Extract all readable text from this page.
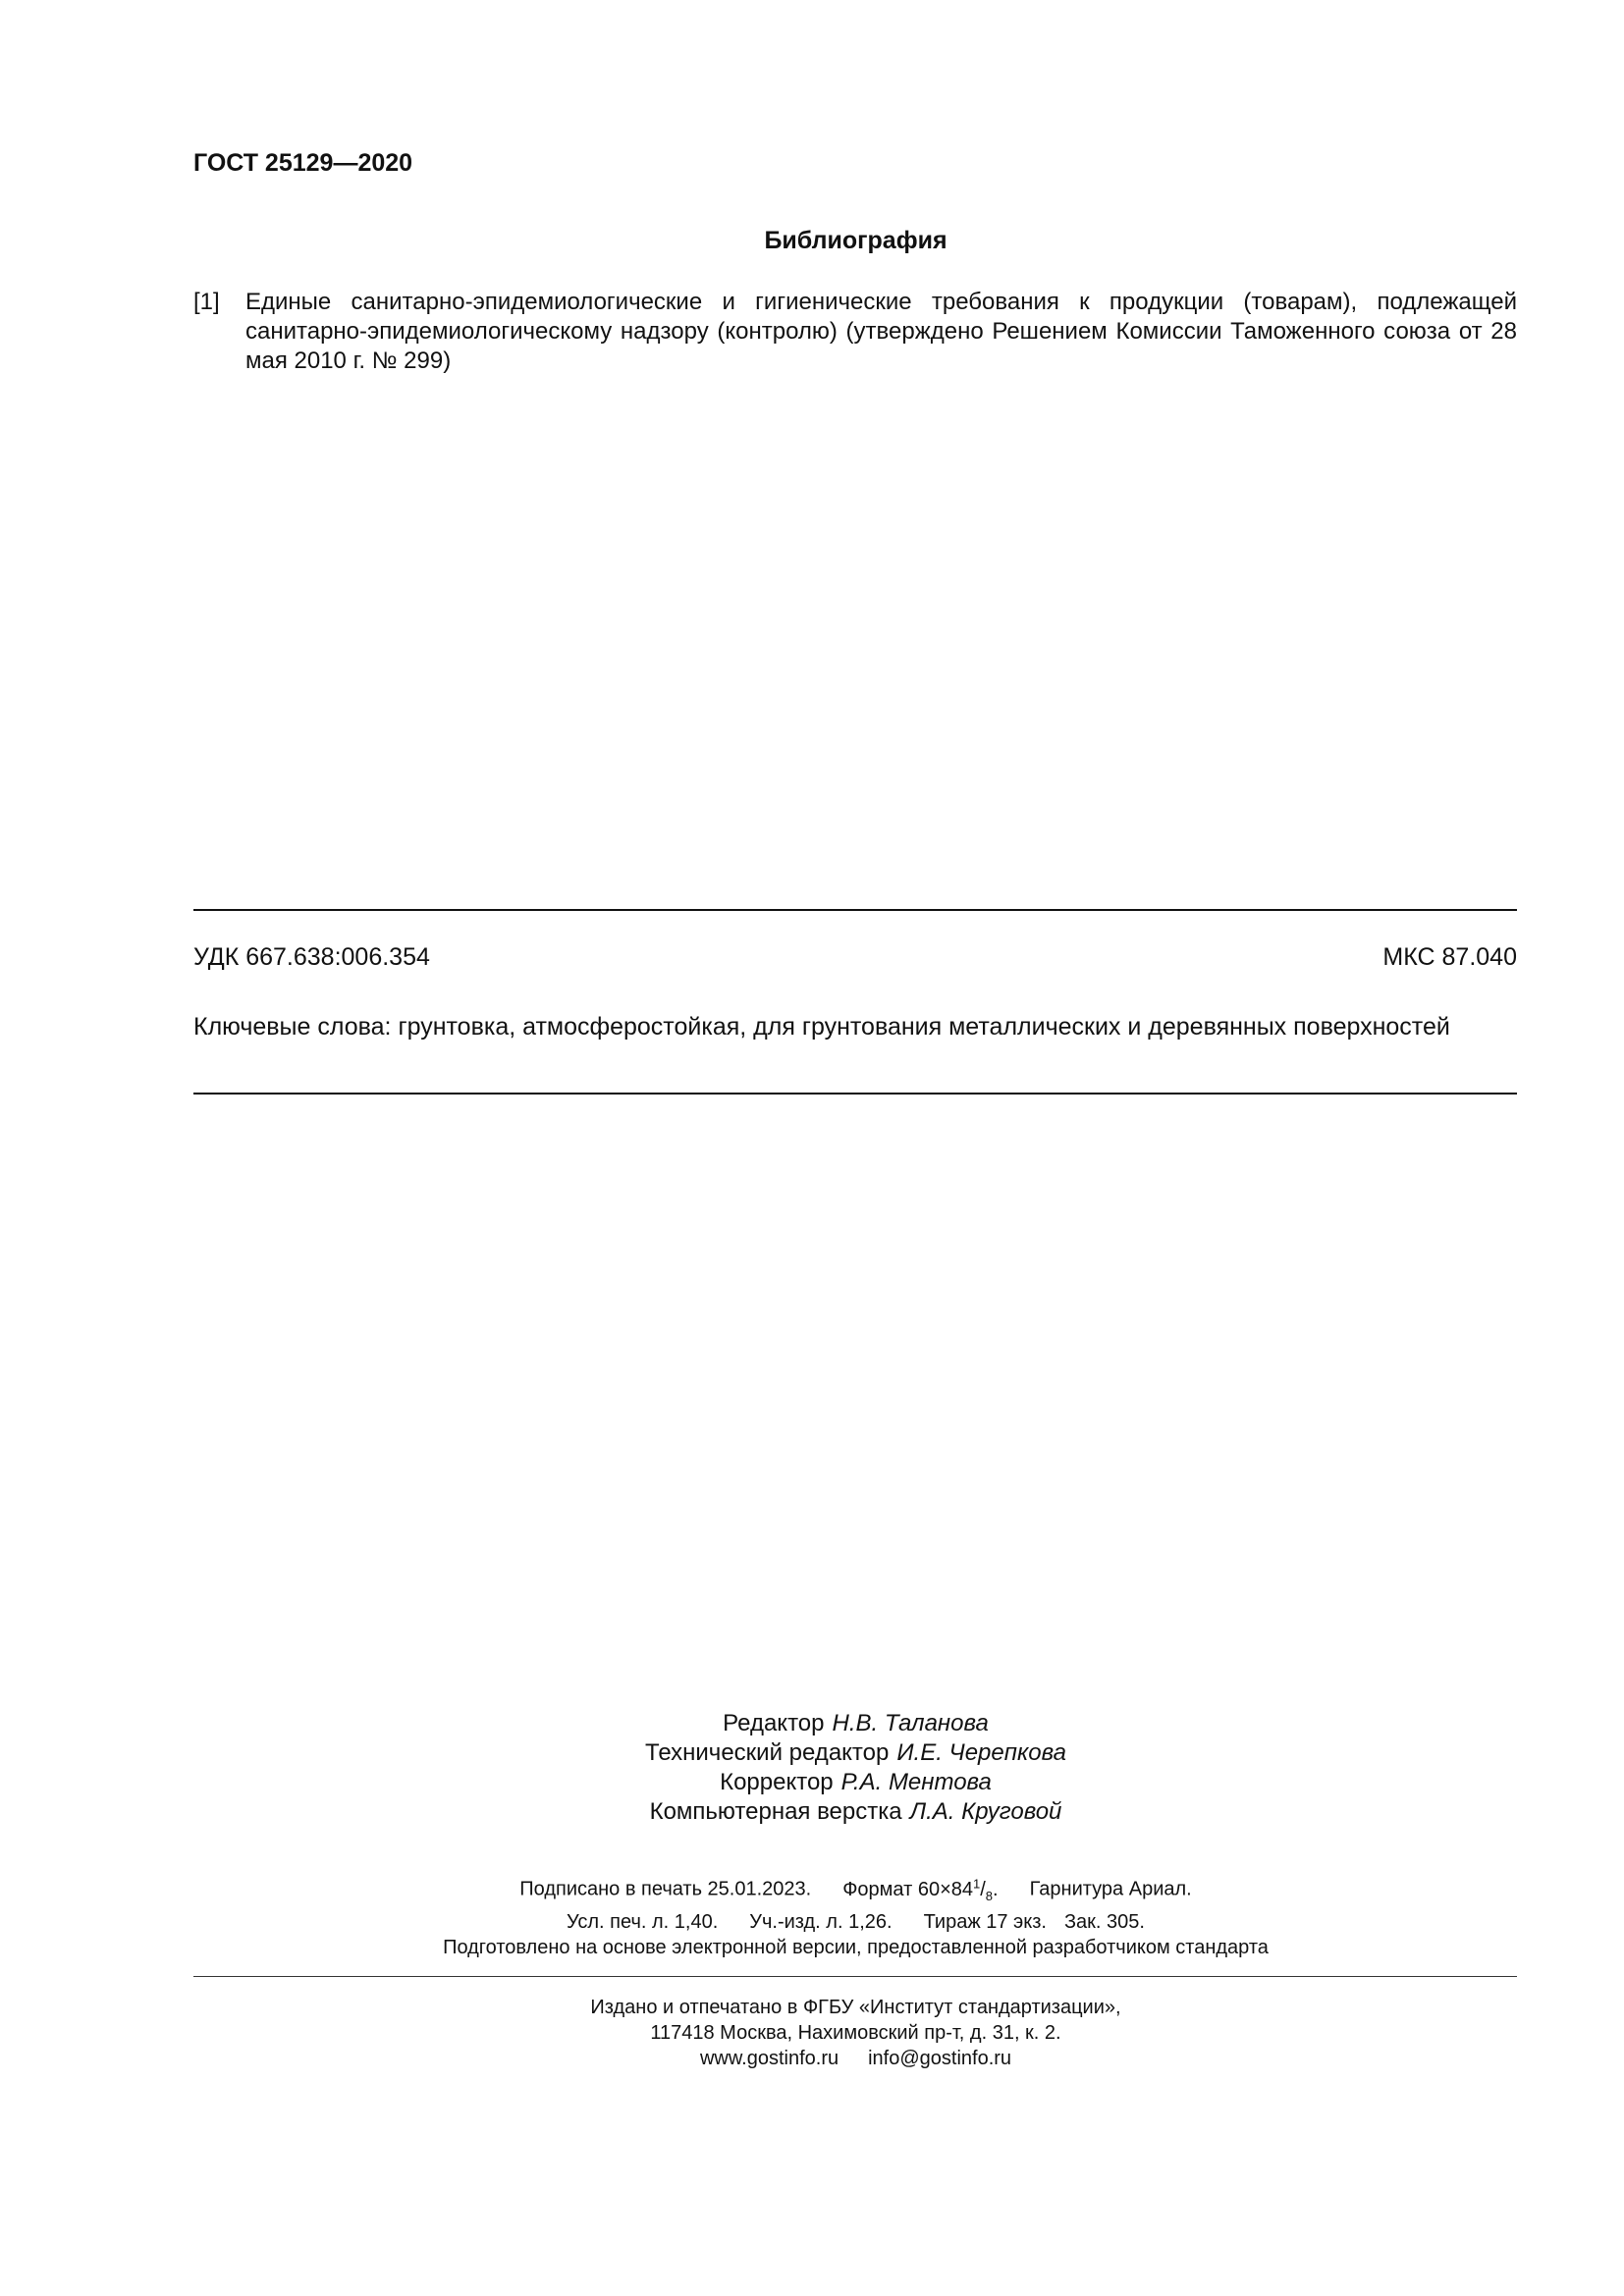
ГОСТ 25129—2020
Библиография
[1] Единые санитарно-эпидемиологические и гигиенические требования к продукции (товарам), подлежащей санитарно-эпидемиологическому надзору (контролю) (утверждено Решением Комиссии Таможенного союза от 28 мая 2010 г. № 299)
УДК 667.638:006.354	МКС 87.040
Ключевые слова: грунтовка, атмосферостойкая, для грунтования металлических и деревянных поверхностей
Редактор Н.В. Таланова
Технический редактор И.Е. Черепкова
Корректор Р.А. Ментова
Компьютерная верстка Л.А. Круговой
Подписано в печать 25.01.2023. Формат $60\times 84^1/_8$. Гарнитура Ариал.
Усл. печ. л. 1,40. Уч.-изд. л. 1,26. Тираж 17 экз. Зак. 305.
Подготовлено на основе электронной версии, предоставленной разработчиком стандарта
Издано и отпечатано в ФГБУ «Институт стандартизации»,
117418 Москва, Нахимовский пр-т, д. 31, к. 2.
www.gostinfo.ru info@gostinfo.ru
